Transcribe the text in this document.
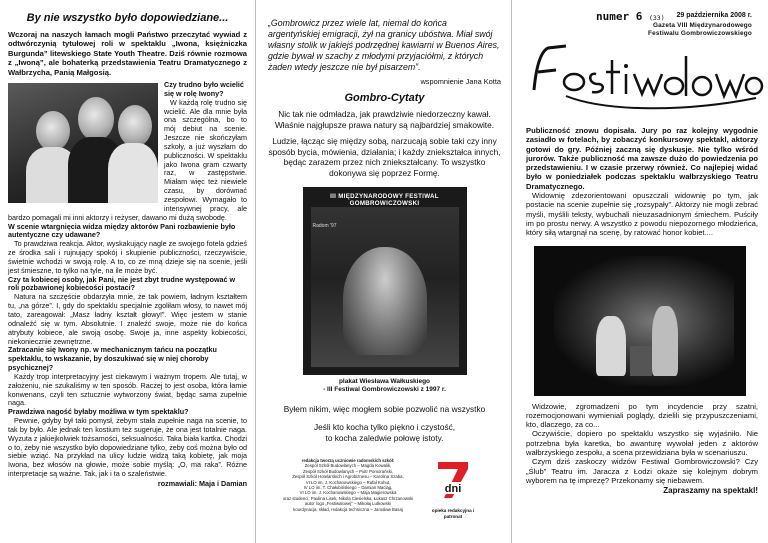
By nie wszystko było dopowiedziane...
Wczoraj na naszych łamach mogli Państwo przeczytać wywiad z odtwórczynią tytułowej roli w spektaklu „Iwona, księżniczka Burgunda” litewskiego State Youth Theatre. Dziś równie rozmowa z „Iwoną”, ale bohaterką przedstawienia Teatru Dramatycznego z Wałbrzycha, Panią Małgosią.
Czy trudno było wcielić się w rolę Iwony?
W każdą rolę trudno się wcielić. Ale dla mnie była ona szczególna, bo to mój debiut na scenie. Jeszcze nie skończyłam szkoły, a już wyszłam do publiczności. W spektaklu jako Iwona gram czwarty raz, w zastępstwie. Miałam więc też niewiele czasu, by dorównać zespołowi. Wymagało to intensywnej pracy, ale bardzo pomagali mi inni aktorzy i reżyser, dawano mi dużą swobodę.
W scenie wtargnięcia widza między aktorów Pani rozbawienie było autentyczne czy udawane?
To prawdziwa reakcja. Aktor, wyskakujący nagle ze swojego fotela gdzieś ze środka sali i rujnujący spokój i skupienie publiczności, rzeczywiście, świetnie wchodzi w swoją rolę. A to, co ze mną dzieje się na scenie, jeśli jest śmieszne, to tylko na tyle, na ile może być.
Czy ta kobiecej osoby, jak Pani, nie jest zbyt trudne występować w roli pozbawionej kobiecości postaci?
Natura na szczęście obdarzyła mnie, że tak powiem, ładnym kształtem tu, „na górze”. I, gdy do spektaklu specjalnie zgoliłam włosy, to nawet mój tato, zareagował: „Masz ładny kształt głowy!”. Więc jestem w stanie odnaleźć się w tym. Absolutnie. I znaleźć swoje, może nie do końca atrybuty kobiece, ale swoją osobę. Swoje ja, inne aspekty kobiecości, niekoniecznie zewnętrzne.
Zatracanie się Iwony np. w mechanicznym tańcu na początku spektaklu, to wskazanie, by doszukiwać się w niej choroby psychicznej?
Każdy trop interpretacyjny jest ciekawym i ważnym tropem. Ale tutaj, w założeniu, nie szukaliśmy w ten sposób. Raczej to jest osoba, która łamie konwenans, czyli ten sztucznie wytworzony świat, będąc sama zupełnie naga.
Prawdziwa nagość byłaby możliwa w tym spektaklu?
Pewnie, gdyby był taki pomysł, żebym stała zupełnie naga na scenie, to tak by było. Ale jednak ten kostium też sugeruje, że ona jest totalnie naga. Wyzuta z jakiejkolwiek tożsamości, seksualności. Taka biała kartka. Chodzi o to, żeby nie wszystko było dopowiedziane tylko, żeby coś można było od siebie wziąć. Na przykład na ulicy ludzie widzą taką kobietę, jak moja Iwona, bez włosów na głowie, może sobie myślą: „O, ma raka”. Różne interpretacje są ważne. Tak, jak i ta o szaleństwie.
rozmawiali: Maja i Damian
„Gombrowicz przez wiele lat, niemal do końca argentyńskiej emigracji, żył na granicy ubóstwa. Miał swój własny stolik w jakiejś podrzędnej kawiarni w Buenos Aires, gdzie bywał w szachy z młodymi przyjaciółmi, z których żaden wtedy jeszcze nie był pisarzem”.
wspomnienie Jana Kotta
Gombro-Cytaty
Nic tak nie odmładza, jak prawdziwie niedorzeczny kawał. Właśnie najgłupsze prawa natury są najbardziej smakowite.
Ludzie, łącząc się między sobą, narzucają sobie taki czy inny sposób bycia, mówienia, działania; i każdy zniekształca innych, będąc zarazem przez nich zniekształcany. To wszystko dokonywa się poprzez Formę.
III MIĘDZYNARODOWY FESTIWAL GOMBROWICZOWSKI
Radom '97
plakat Wiesława Wałkuskiego
- III Festiwal Gombrowiczowski z 1997 r.
Byłem nikim, więc mogłem sobie pozwolić na wszystko
Jeśli kto kocha tylko piękno i czystość,
to kocha zaledwie połowę istoty.
redakcja tworzą uczniowie radomskich szkół:
Zespół Szkół Budowlanych – Magda Kowalik,
Zespół Szkół Budowlanych – Piotr Pomorański,
Zespół Szkół Hotelarskich i Agrobiznesu – Karolina Szaba,
VI LO im. J. Kochanowskiego – Rafał Kohut,
IV LO im. T. Chałubińskiego – Damian Maciąg,
VI LO im. J. Kochanowskiego – Maja Magierowska
oraz studenci: Paulina Lisek, Nikola Ciesielska, Łukasz Chrzanowski
autor logo „Festiwalowej” – Mikołaj Lutkowski
koordynacja, skład, redakcja techniczna – Jarosław Basaj
dni
opieka redakcyjna i patronat
numer 6 (33) 29 października 2008 r.
Gazeta VIII Międzynarodowego
Festiwalu Gombrowiczowskiego
Festiwalowa
Publiczność znowu dopisała. Jury po raz kolejny wygodnie zasiadło w fotelach, by zobaczyć konkursowy spektakl, aktorzy gotowi do gry. Później zaczną się dyskusje. Nie tylko wśród jurorów. Także publiczność ma zawsze dużo do powiedzenia po przedstawieniu. I w czasie przerwy również. Co najlepiej widać było w poniedziałek podczas spektaklu wałbrzyskiego Teatru Dramatycznego.
Widownię zdezorientowani opuszczali widownię po tym, jak postacie na scenie zupełnie się „rozsypały”. Aktorzy nie mogli zebrać myśli, myślili teksty, wybuchali nieuzasadnionym śmiechem. Puściły im po prostu nerwy. A wszystko z powodu niepozornego młodzieńca, który siłą wtargnął na scenę, by ratować honor kobiet....
Widzowie, zgromadzeni po tym incydencie przy szatni, rozemocjonowani wymieniali poglądy, dzielili się przypuszczeniami, kto, dlaczego, za co...
Oczywiście, dopiero po spektaklu wszystko się wyjaśniło. Nie potrzebna była karetka, bo awanturę wywołał jeden z aktorów wałbrzyskiego zespołu, a scena przewidziana była w scenariuszu.
Czym dziś zaskoczy widzów Festiwal Gombrowiczowski? Czy „Ślub” Teatru im. Jaracza z Łodzi okaże się kolejnym dobrym wyborem na tę imprezę? Przekonamy się niebawem.
Zapraszamy na spektakl!
